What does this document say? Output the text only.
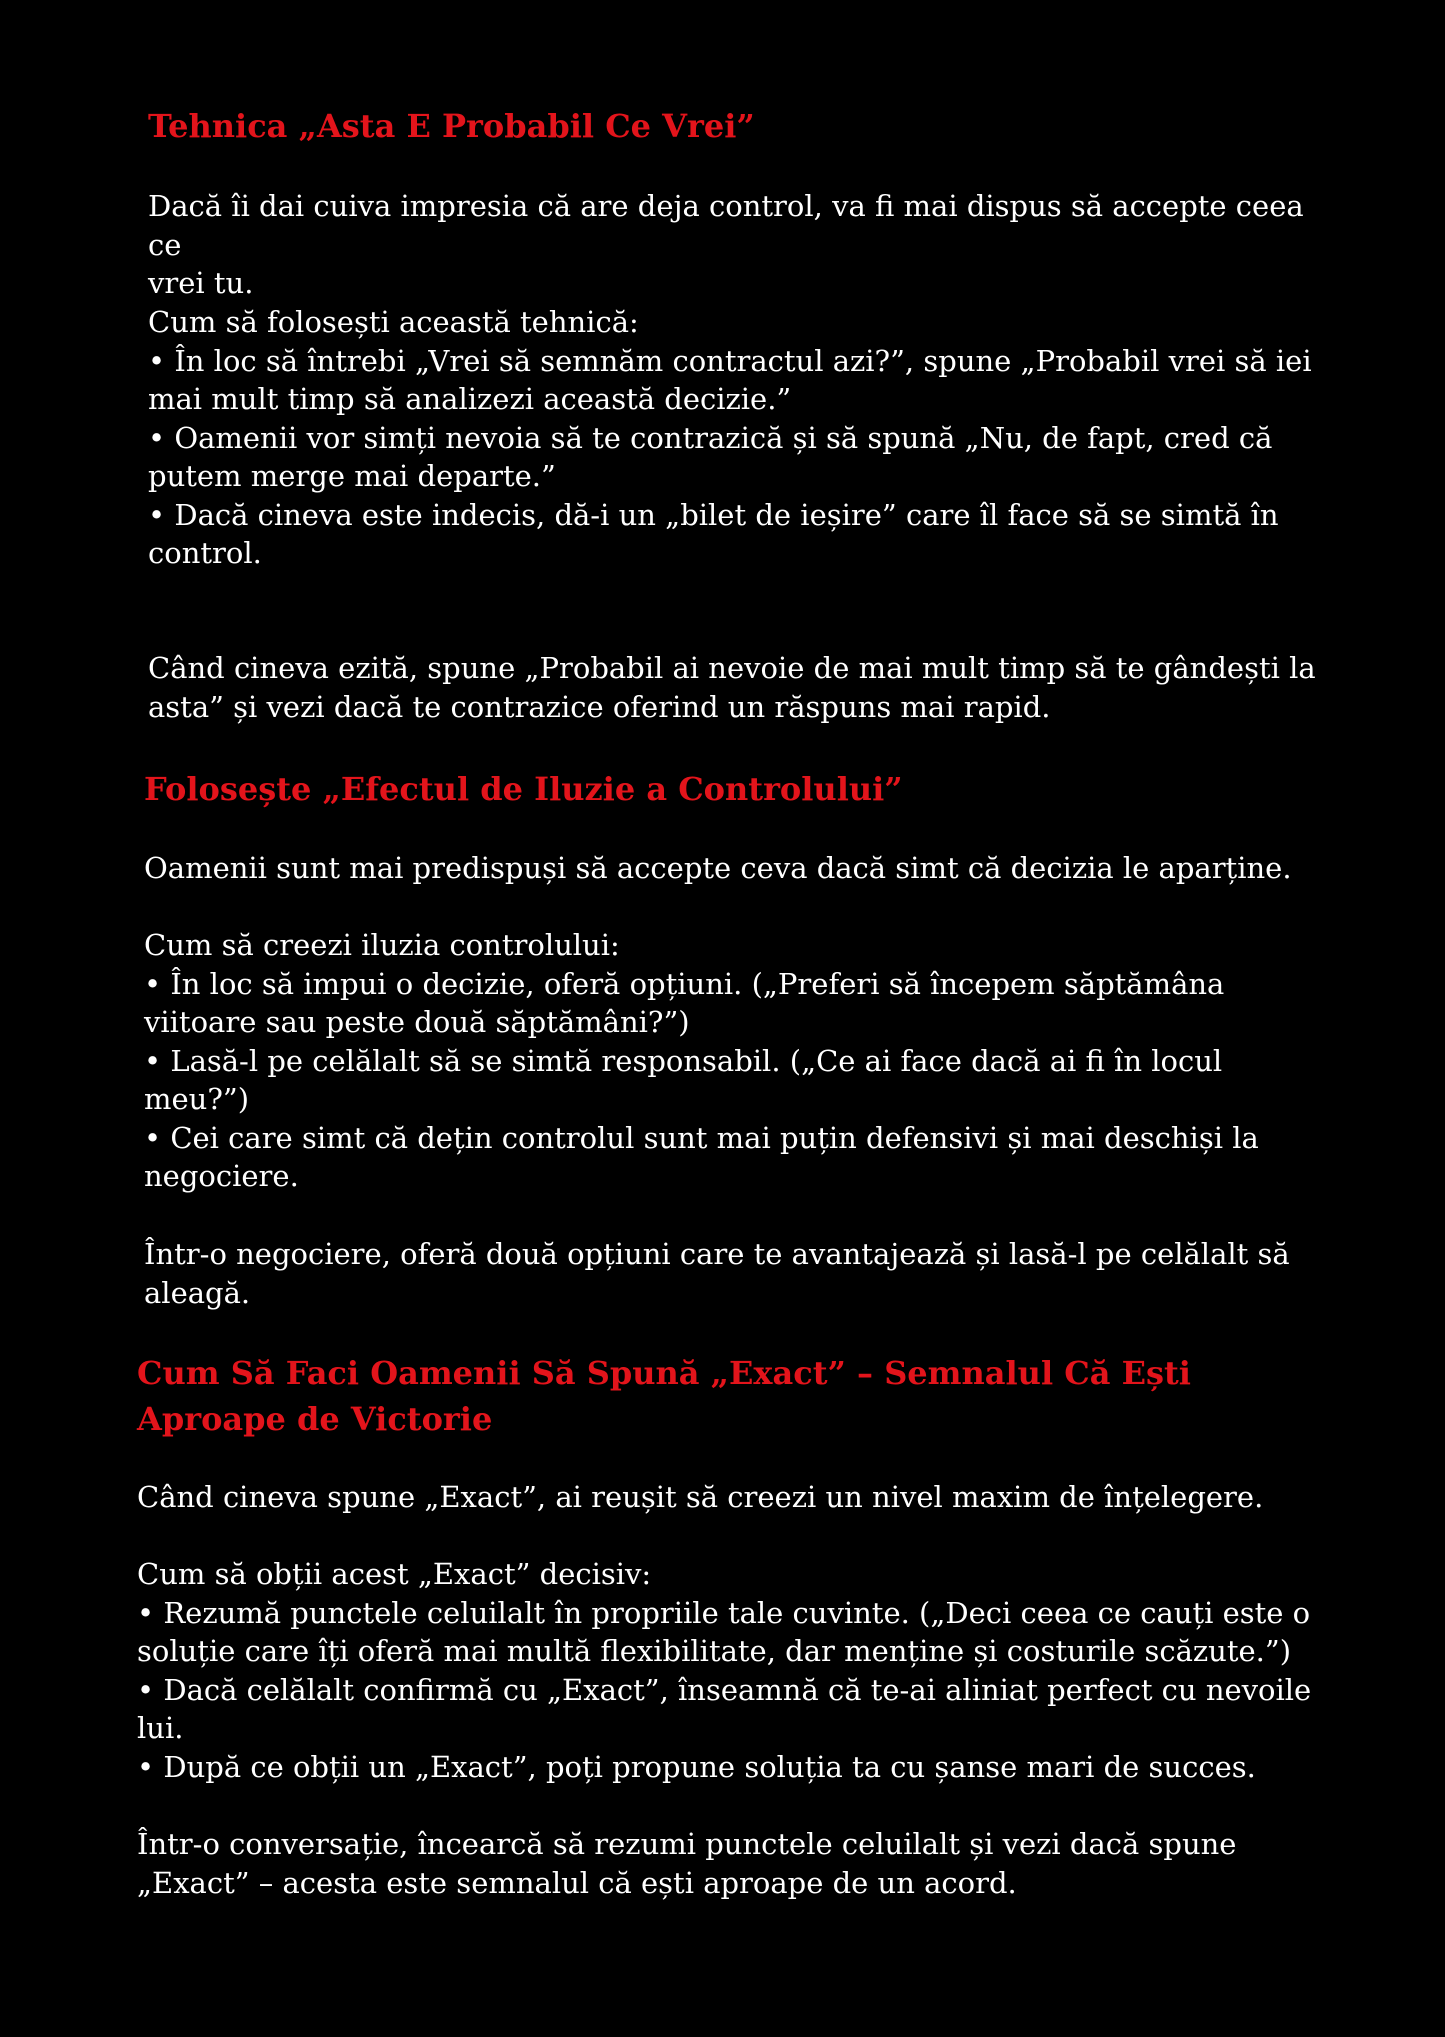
Tehnica „Asta E Probabil Ce Vrei”

Dacă îi dai cuiva impresia că are deja control, va fi mai dispus să accepte ceea ce
vrei tu.

Cum să folosești această tehnică:
• În loc să întrebi „Vrei să semnăm contractul azi?”, spune „Probabil vrei să iei
mai mult timp să analizezi această decizie.”
• Oamenii vor simți nevoia să te contrazică și să spună „Nu, de fapt, cred că
putem merge mai departe.”
• Dacă cineva este indecis, dă-i un „bilet de ieșire” care îl face să se simtă în
control.

Când cineva ezită, spune „Probabil ai nevoie de mai mult timp să te gândești la
asta” și vezi dacă te contrazice oferind un răspuns mai rapid.

Folosește „Efectul de Iluzie a Controlului”

Oamenii sunt mai predispuși să accepte ceva dacă simt că decizia le aparține.

Cum să creezi iluzia controlului:
• În loc să impui o decizie, oferă opțiuni. („Preferi să începem săptămâna
viitoare sau peste două săptămâni?”)
• Lasă-l pe celălalt să se simtă responsabil. („Ce ai face dacă ai fi în locul meu?”)
• Cei care simt că dețin controlul sunt mai puțin defensivi și mai deschiși la
negociere.

Într-o negociere, oferă două opțiuni care te avantajează și lasă-l pe celălalt să
aleagă.

Cum Să Faci Oamenii Să Spună „Exact” – Semnalul Că Ești
Aproape de Victorie

Când cineva spune „Exact”, ai reușit să creezi un nivel maxim de înțelegere.

Cum să obții acest „Exact” decisiv:
• Rezumă punctele celuilalt în propriile tale cuvinte. („Deci ceea ce cauți este o
soluție care îți oferă mai multă flexibilitate, dar menține și costurile scăzute.”)
• Dacă celălalt confirmă cu „Exact”, înseamnă că te-ai aliniat perfect cu nevoile
lui.
• După ce obții un „Exact”, poți propune soluția ta cu șanse mari de succes.

Într-o conversație, încearcă să rezumi punctele celuilalt și vezi dacă spune
„Exact” – acesta este semnalul că ești aproape de un acord.
